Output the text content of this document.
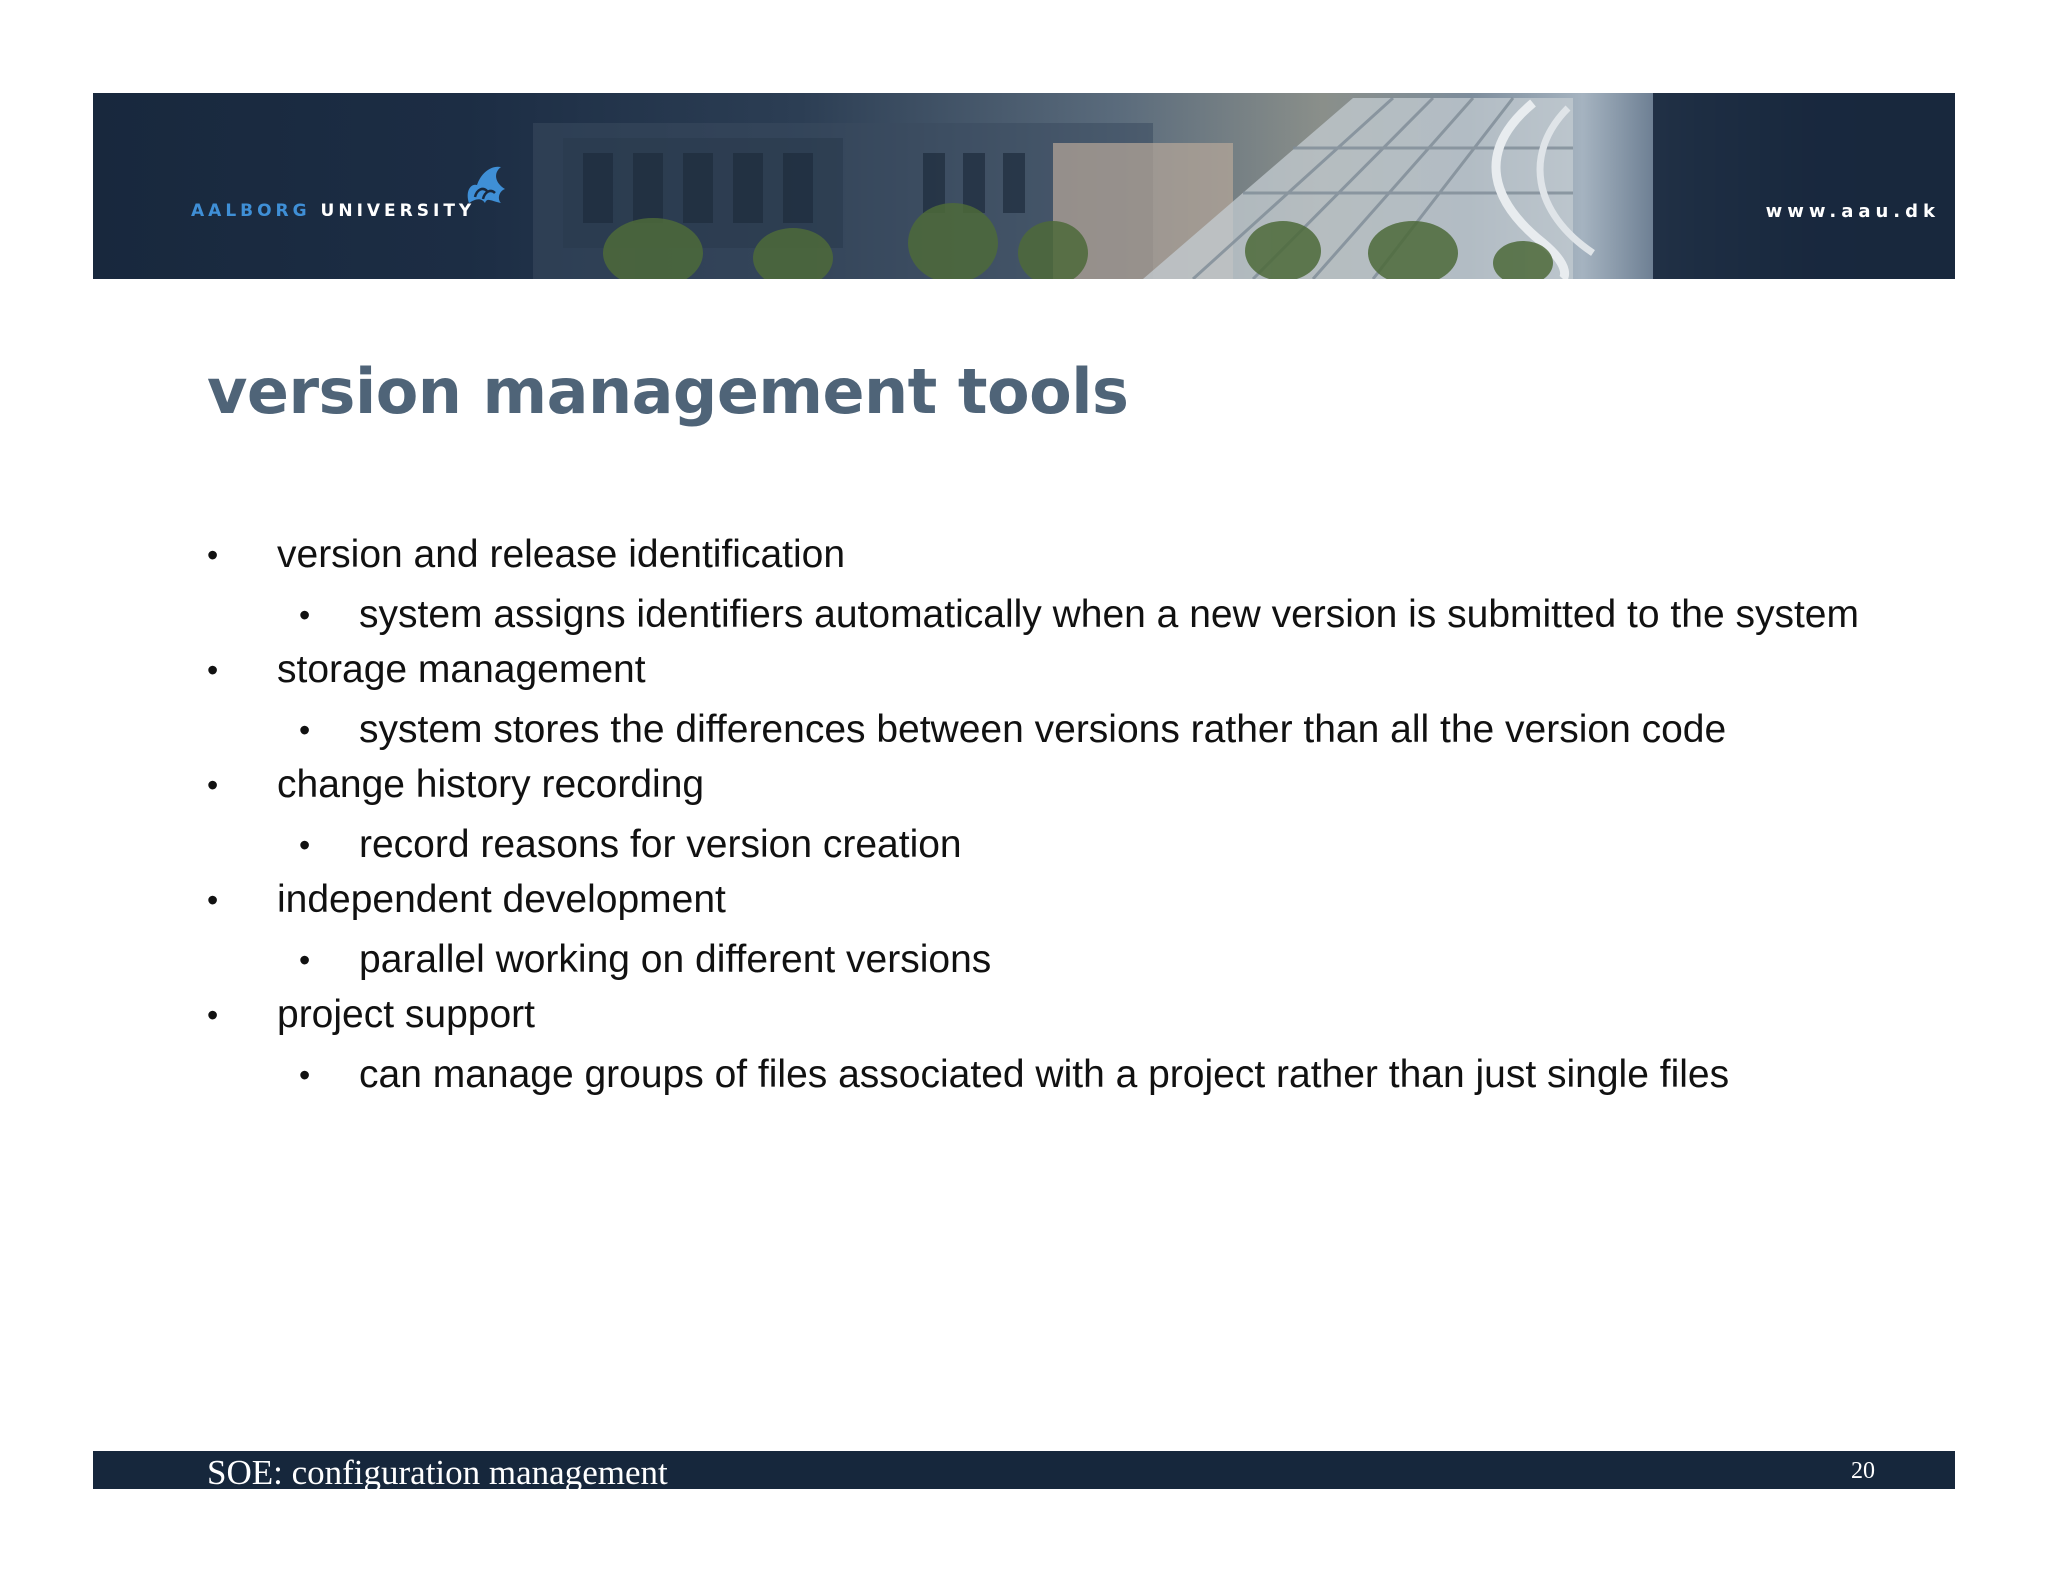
AALBORG UNIVERSITY	www.aau.dk
version management tools
• version and release identification
• system assigns identifiers automatically when a new version is submitted to the system
• storage management
• system stores the differences between versions rather than all the version code
• change history recording
• record reasons for version creation
• independent development
• parallel working on different versions
• project support
• can manage groups of files associated with a project rather than just single files
SOE: configuration management	20
